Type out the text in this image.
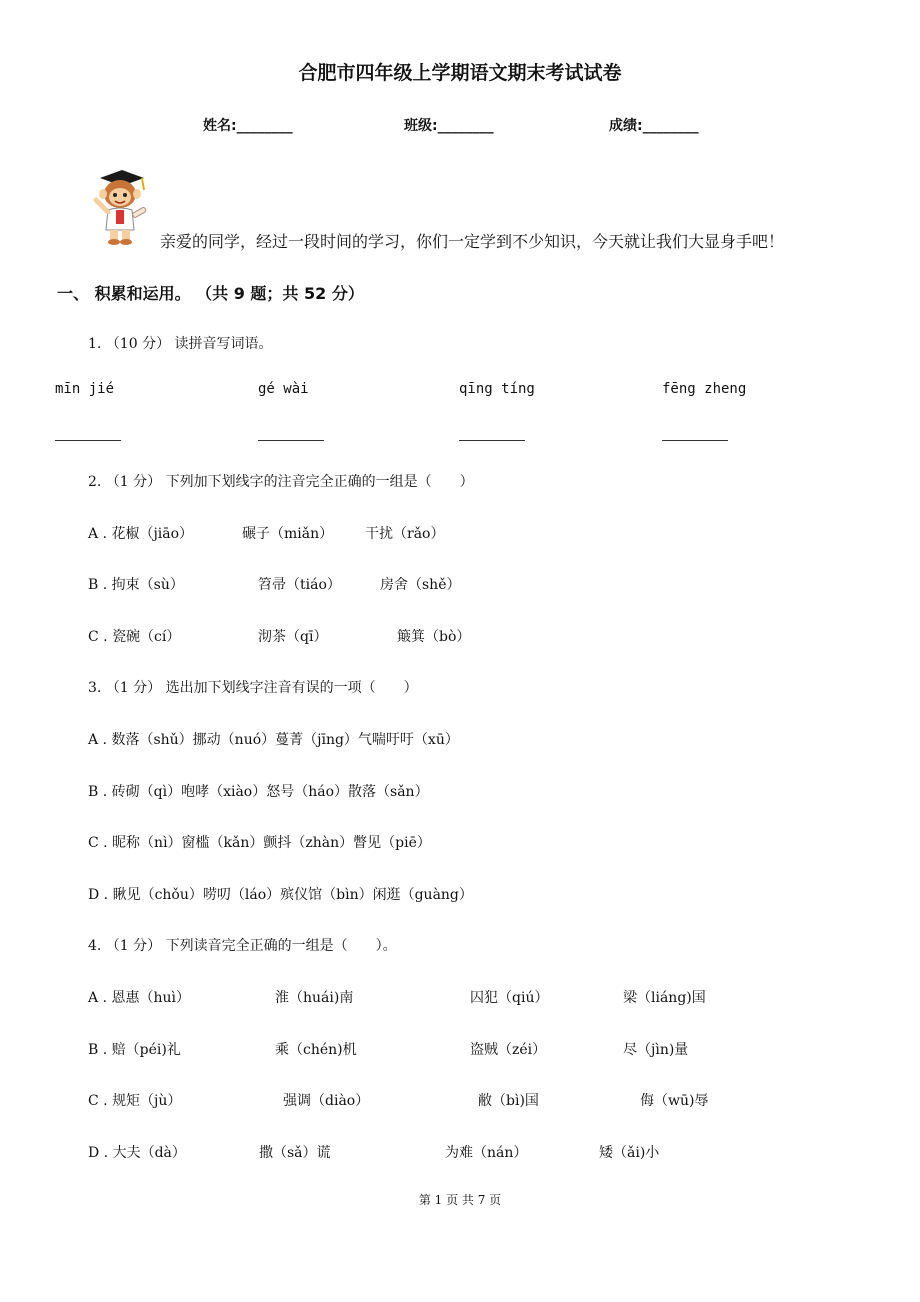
合肥市四年级上学期语文期末考试试卷
姓名:________	班级:________	成绩:________
亲爱的同学，经过一段时间的学习，你们一定学到不少知识，今天就让我们大显身手吧！
一、 积累和运用。 （共 9 题；共 52 分）
1. （10 分） 读拼音写词语。
mīn jié	gé wài	qīng tíng	fēng zheng
2. （1 分） 下列加下划线字的注音完全正确的一组是（　　）
A . 花椒（jiāo）	碾子（miǎn） 干扰（rǎo）
B . 拘束（sù）	笤帚（tiáo）	房舍（shě）
C . 瓷碗（cí）	沏茶（qī）	簸箕（bò）
3. （1 分） 选出加下划线字注音有误的一项（　　）
A . 数落（shǔ）挪动（nuó）蔓菁（jīng）气喘吁吁（xū）
B . 砖砌（qì）咆哮（xiào）怒号（háo）散落（sǎn）
C . 昵称（nì）窗槛（kǎn）颤抖（zhàn）瞥见（piē）
D . 瞅见（chǒu）唠叨（láo）殡仪馆（bìn）闲逛（guàng）
4. （1 分） 下列读音完全正确的一组是（　　）。
A . 恩惠（huì）	淮（huái)南	囚犯（qiú）	梁（liáng)国
B . 赔（péi)礼	乘（chén)机	盗贼（zéi）	尽（jìn)量
C . 规矩（jù）	强调（diào）	敝（bì)国	侮（wū)辱
D . 大夫（dà）	撒（sǎ）谎	为难（nán）	矮（ǎi)小
第 1 页 共 7 页
